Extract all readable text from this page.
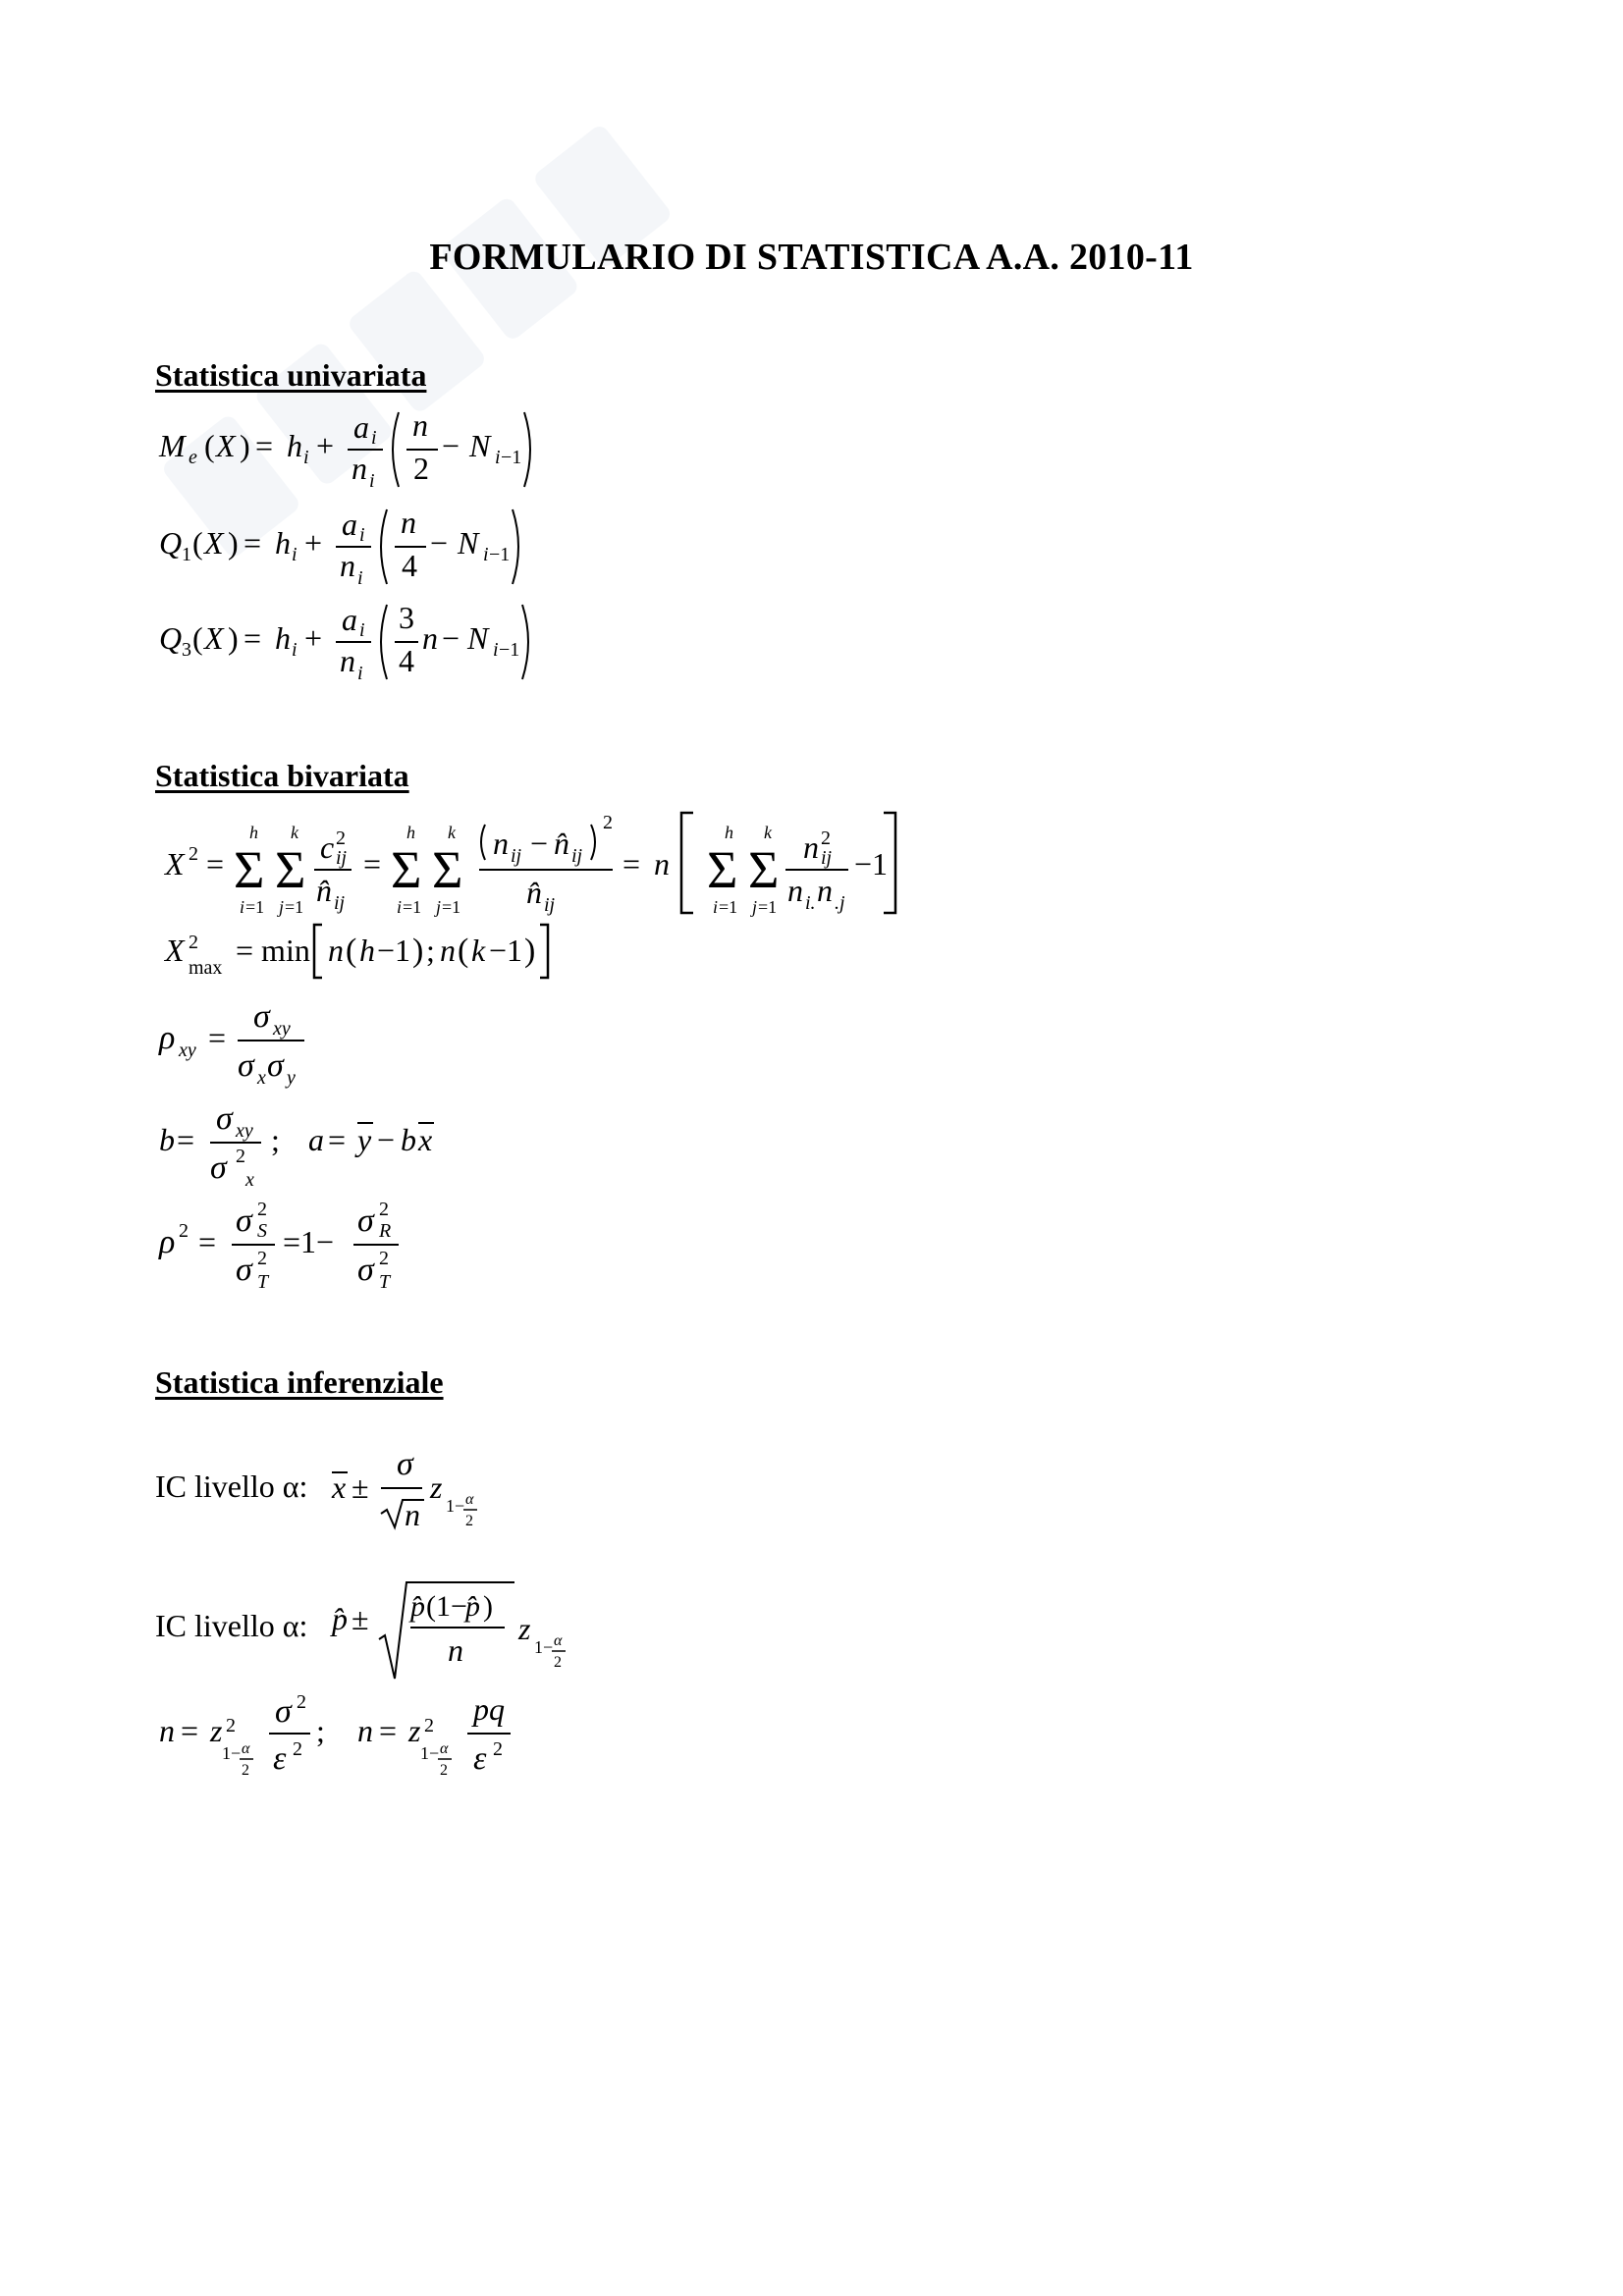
FORMULARIO DI STATISTICA A.A. 2010-11
Statistica univariata
M e ( X ) = h i +
a i
n i
n
2
− N i −1
Q 1 ( X ) = h i +
a i
n i
n
4
− N i −1
Q 3 ( X ) = h i +
a i
n i
3
4
n − N i −1
Statistica bivariata
X 2 =
h
Σ
i =1
k
Σ
j =1
c 2
ij
n̂ ij
=
h
Σ
i =1
k
Σ
j =1
n ij − n̂ ij
2
n̂ ij
= n
h
Σ
i =1
k
Σ
j =1
n 2
ij
n i. n .j
−1
X 2
max = min n ( h −1 ) ; n ( k −1 )
ρ xy =
σ xy
σ x σ y
b =
σ xy
σ 2
x
; a = y − b x
ρ 2 =
σ 2
S
σ 2
T
=1−
σ 2
R
σ 2
T
Statistica inferenziale
IC livello α: x ±
σ
n
z
1− α
2
IC livello α: p̂ ± p̂ (1−
p̂ )
n
z
1− α
2
n = z 2
1− α
2
σ 2
ε 2
; n = z 2
1− α
2
pq
ε 2
